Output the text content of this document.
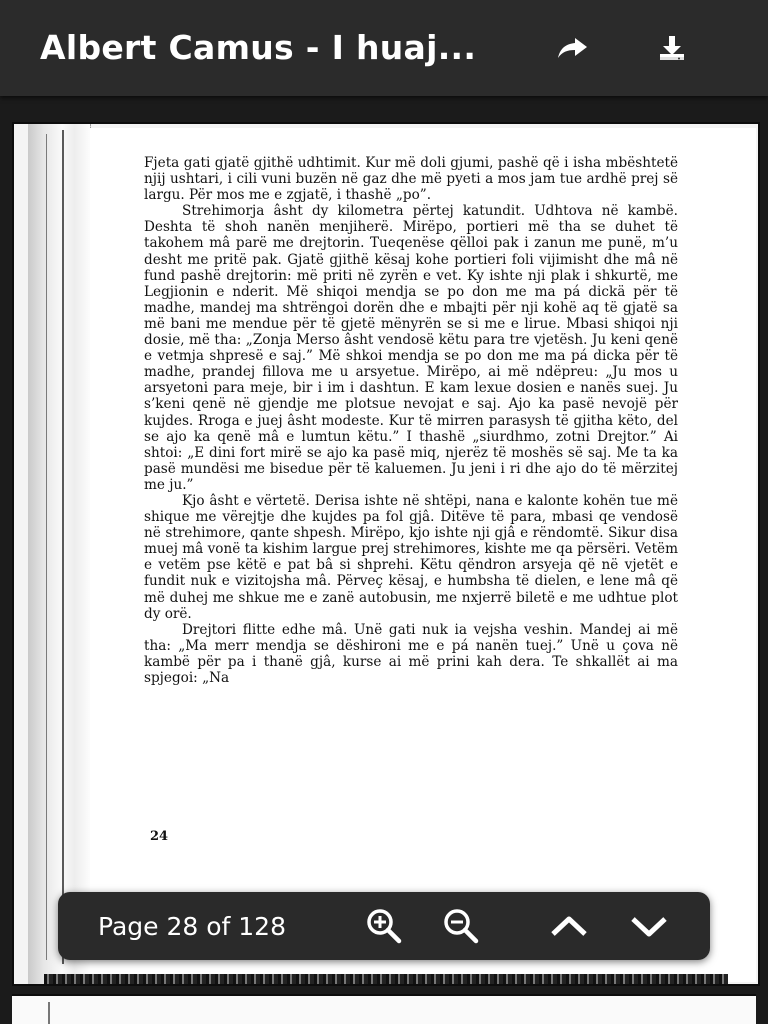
Albert Camus - I huaj...

Fjeta gati gjatë gjithë udhtimit. Kur më doli gjumi, pashë që i isha mbështetë njij ushtari, i cili vuni buzën në gaz dhe më pyeti a mos jam tue ardhë prej së largu. Për mos me e zgjatë, i thashë „po”.

Strehimorja âsht dy kilometra përtej katundit. Udhtova në kambë. Deshta të shoh nanën menjiherë. Mirëpo, portieri më tha se duhet të takohem mâ parë me drejtorin. Tueqenëse qëlloi pak i zanun me punë, m’u desht me pritë pak. Gjatë gjithë kësaj kohe portieri foli vijimisht dhe mâ në fund pashë drejtorin: më priti në zyrën e vet. Ky ishte nji plak i shkurtë, me Legjionin e nderit. Më shiqoi mendja se po don me ma pá dickä për të madhe, mandej ma shtrëngoi dorën dhe e mbajti për nji kohë aq të gjatë sa më bani me mendue për të gjetë mënyrën se si me e lirue. Mbasi shiqoi nji dosie, më tha: „Zonja Merso âsht vendosë këtu para tre vjetësh. Ju keni qenë e vetmja shpresë e saj.” Më shkoi mendja se po don me ma pá dicka për të madhe, prandej fillova me u arsyetue. Mirëpo, ai më ndëpreu: „Ju mos u arsyetoni para meje, bir i im i dashtun. E kam lexue dosien e nanës suej. Ju s’keni qenë në gjendje me plotsue nevojat e saj. Ajo ka pasë nevojë për kujdes. Rroga e juej âsht modeste. Kur të mirren parasysh të gjitha këto, del se ajo ka qenë mâ e lumtun këtu.” I thashë „siurdhmo, zotni Drejtor.” Ai shtoi: „E dini fort mirë se ajo ka pasë miq, njerëz të moshës së saj. Me ta ka pasë mundësi me bisedue për të kaluemen. Ju jeni i ri dhe ajo do të mërzitej me ju.”

Kjo âsht e vërtetë. Derisa ishte në shtëpi, nana e kalonte kohën tue më shique me vërejtje dhe kujdes pa fol gjâ. Ditëve të para, mbasi qe vendosë në strehimore, qante shpesh. Mirëpo, kjo ishte nji gjâ e rëndomtë. Sikur disa muej mâ vonë ta kishim largue prej strehimores, kishte me qa përsëri. Vetëm e vetëm pse këtë e pat bâ si shprehi. Këtu qëndron arsyeja që në vjetët e fundit nuk e vizitojsha mâ. Përveç kësaj, e humbsha të dielen, e lene mâ që më duhej me shkue me e zanë autobusin, me nxjerrë biletë e me udhtue plot dy orë.

Drejtori flitte edhe mâ. Unë gati nuk ia vejsha veshin. Mandej ai më tha: „Ma merr mendja se dëshironi me e pá nanën tuej.” Unë u çova në kambë për pa i thanë gjâ, kurse ai më prini kah dera. Te shkallët ai ma spjegoi: „Na

24
Page 28 of 128
